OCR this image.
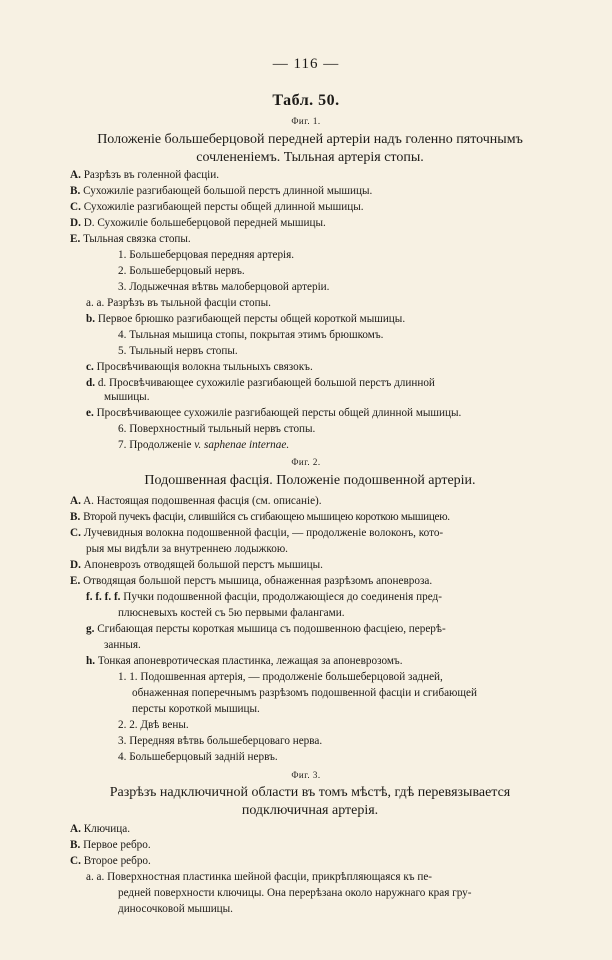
— 116 —
Табл. 50.
Фиг. 1.
Положеніе большеберцовой передней артеріи надъ голенно пяточнымъ
сочлененіемъ. Тыльная артерія стопы.
A. Разрѣзъ въ голенной фасціи.
B. Сухожиліе разгибающей большой перстъ длинной мышицы.
C. Сухожиліе разгибающей персты общей длинной мышицы.
D. D. Сухожиліе большеберцовой передней мышицы.
E. Тыльная связка стопы.
1. Большеберцовая передняя артерія.
2. Большеберцовый нервъ.
3. Лодыжечная вѣтвь малоберцовой артеріи.
a. a. Разрѣзъ въ тыльной фасціи стопы.
b. Первое брюшко разгибающей персты общей короткой мышицы.
4. Тыльная мышица стопы, покрытая этимъ брюшкомъ.
5. Тыльный нервъ стопы.
c. Просвѣчивающія волокна тыльныхъ связокъ.
d. d. Просвѣчивающее сухожиліе разгибающей большой перстъ длинной
мышицы.
e. Просвѣчивающее сухожиліе разгибающей персты общей длинной мышицы.
6. Поверхностный тыльный нервъ стопы.
7. Продолженіе v. saphenae internae.
Фиг. 2.
Подошвенная фасція. Положеніе подошвенной артеріи.
A. A. Настоящая подошвенная фасція (см. описаніе).
B. Второй пучекъ фасціи, слившійся съ сгибающею мышицею короткою мышицею.
C. Лучевидныя волокна подошвенной фасціи, — продолженіе волоконъ, кото-
рыя мы видѣли за внутреннею лодыжкою.
D. Апоневрозъ отводящей большой перстъ мышицы.
E. Отводящая большой перстъ мышица, обнаженная разрѣзомъ апоневроза.
f. f. f. f. Пучки подошвенной фасціи, продолжающіеся до соединенія пред-
плюсневыхъ костей съ 5ю первыми фалангами.
g. Сгибающая персты короткая мышица съ подошвенною фасціею, перерѣ-
занныя.
h. Тонкая апоневротическая пластинка, лежащая за апоневрозомъ.
1. 1. Подошвенная артерія, — продолженіе большеберцовой задней,
обнаженная поперечнымъ разрѣзомъ подошвенной фасціи и сгибающей
персты короткой мышицы.
2. 2. Двѣ вены.
3. Передняя вѣтвь большеберцоваго нерва.
4. Большеберцовый задній нервъ.
Фиг. 3.
Разрѣзъ надключичной области въ томъ мѣстѣ, гдѣ перевязывается
подключичная артерія.
A. Ключица.
B. Первое ребро.
C. Второе ребро.
a. a. Поверхностная пластинка шейной фасціи, прикрѣпляющаяся къ пе-
редней поверхности ключицы. Она перерѣзана около наружнаго края гру-
диносочковой мышицы.
